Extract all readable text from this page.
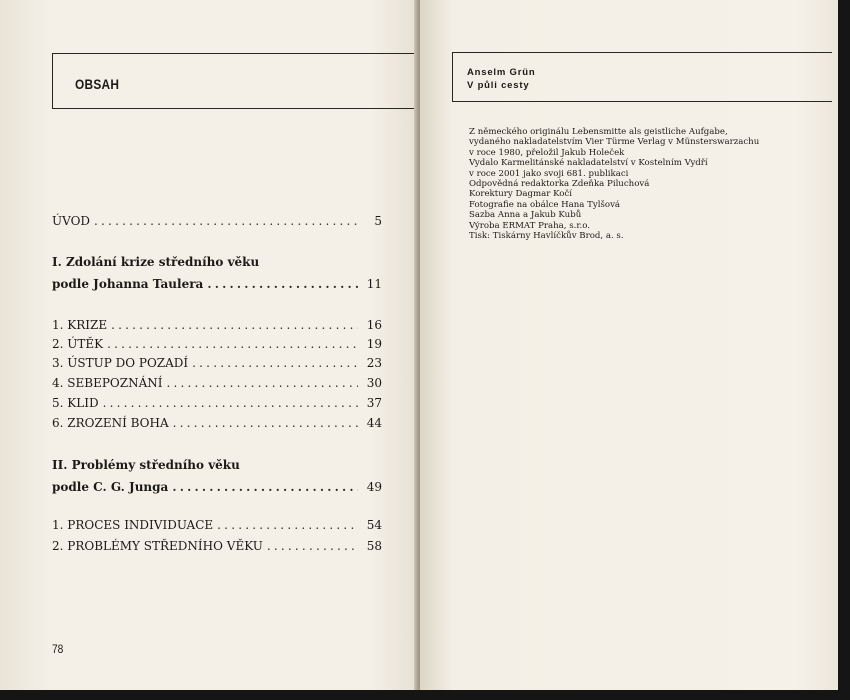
OBSAH
ÚVOD .....	5
I. Zdolání krize středního věku
podle Johanna Taulera .....	11
1. KRIZE .....	16
2. ÚTĚK .....	19
3. ÚSTUP DO POZADÍ .....	23
4. SEBEPOZNÁNÍ .....	30
5. KLID .....	37
6. ZROZENÍ BOHA .....	44
II. Problémy středního věku
podle C. G. Junga .....	49
1. PROCES INDIVIDUACE .....	54
2. PROBLÉMY STŘEDNÍHO VĚKU .....	58
78
Anselm Grün
V půli cesty
Z německého originálu Lebensmitte als geistliche Aufgabe,
vydaného nakladatelstvím Vier Türme Verlag v Münsterswarzachu
v roce 1980, přeložil Jakub Holeček
Vydalo Karmelitánské nakladatelství v Kostelním Vydří
v roce 2001 jako svoji 681. publikaci
Odpovědná redaktorka Zdeňka Piluchová
Korektury Dagmar Kočí
Fotografie na obálce Hana Tylšová
Sazba Anna a Jakub Kubů
Výroba ERMAT Praha, s.r.o.
Tisk: Tiskárny Havlíčkův Brod, a. s.
